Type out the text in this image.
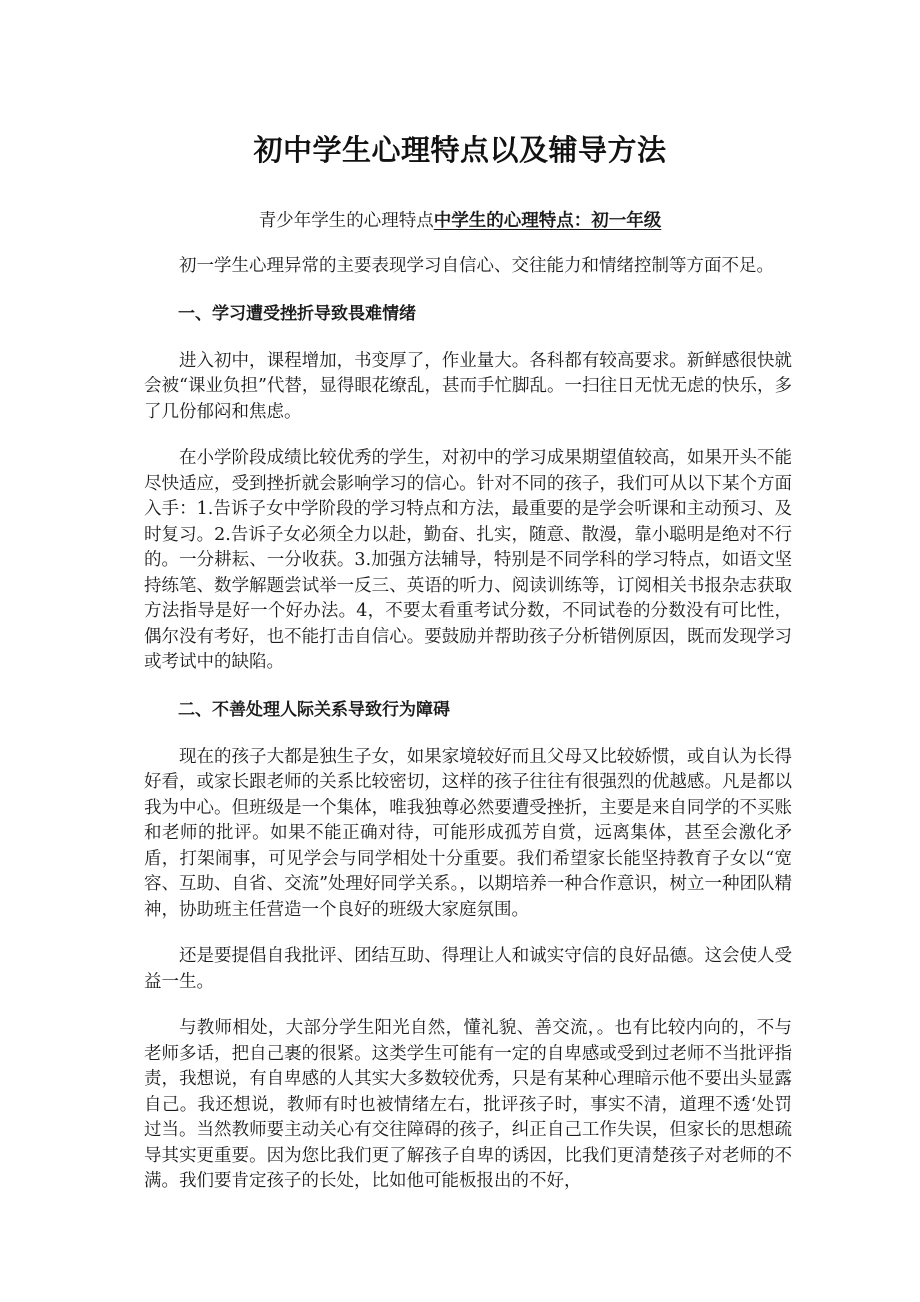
初中学生心理特点以及辅导方法
青少年学生的心理特点中学生的心理特点：初一年级

初一学生心理异常的主要表现学习自信心、交往能力和情绪控制等方面不足。

一、学习遭受挫折导致畏难情绪

进入初中，课程增加，书变厚了，作业量大。各科都有较高要求。新鲜感很快就会被“课业负担”代替，显得眼花缭乱，甚而手忙脚乱。一扫往日无忧无虑的快乐，多了几份郁闷和焦虑。

在小学阶段成绩比较优秀的学生，对初中的学习成果期望值较高，如果开头不能尽快适应，受到挫折就会影响学习的信心。针对不同的孩子，我们可从以下某个方面入手：1.告诉子女中学阶段的学习特点和方法，最重要的是学会听课和主动预习、及时复习。2.告诉子女必须全力以赴，勤奋、扎实，随意、散漫，靠小聪明是绝对不行的。一分耕耘、一分收获。3.加强方法辅导，特别是不同学科的学习特点，如语文坚持练笔、数学解题尝试举一反三、英语的听力、阅读训练等，订阅相关书报杂志获取方法指导是好一个好办法。4，不要太看重考试分数，不同试卷的分数没有可比性，偶尔没有考好，也不能打击自信心。要鼓励并帮助孩子分析错例原因，既而发现学习或考试中的缺陷。

二、不善处理人际关系导致行为障碍

现在的孩子大都是独生子女，如果家境较好而且父母又比较娇惯，或自认为长得好看，或家长跟老师的关系比较密切，这样的孩子往往有很强烈的优越感。凡是都以我为中心。但班级是一个集体，唯我独尊必然要遭受挫折，主要是来自同学的不买账和老师的批评。如果不能正确对待，可能形成孤芳自赏，远离集体，甚至会激化矛盾，打架闹事，可见学会与同学相处十分重要。我们希望家长能坚持教育子女以“宽容、互助、自省、交流”处理好同学关系。，以期培养一种合作意识，树立一种团队精神，协助班主任营造一个良好的班级大家庭氛围。

还是要提倡自我批评、团结互助、得理让人和诚实守信的良好品德。这会使人受益一生。

与教师相处，大部分学生阳光自然，懂礼貌、善交流，。也有比较内向的，不与老师多话，把自己裹的很紧。这类学生可能有一定的自卑感或受到过老师不当批评指责，我想说，有自卑感的人其实大多数较优秀，只是有某种心理暗示他不要出头显露自己。我还想说，教师有时也被情绪左右，批评孩子时，事实不清，道理不透‘处罚过当。当然教师要主动关心有交往障碍的孩子，纠正自己工作失误，但家长的思想疏导其实更重要。因为您比我们更了解孩子自卑的诱因，比我们更清楚孩子对老师的不满。我们要肯定孩子的长处，比如他可能板报出的不好，
